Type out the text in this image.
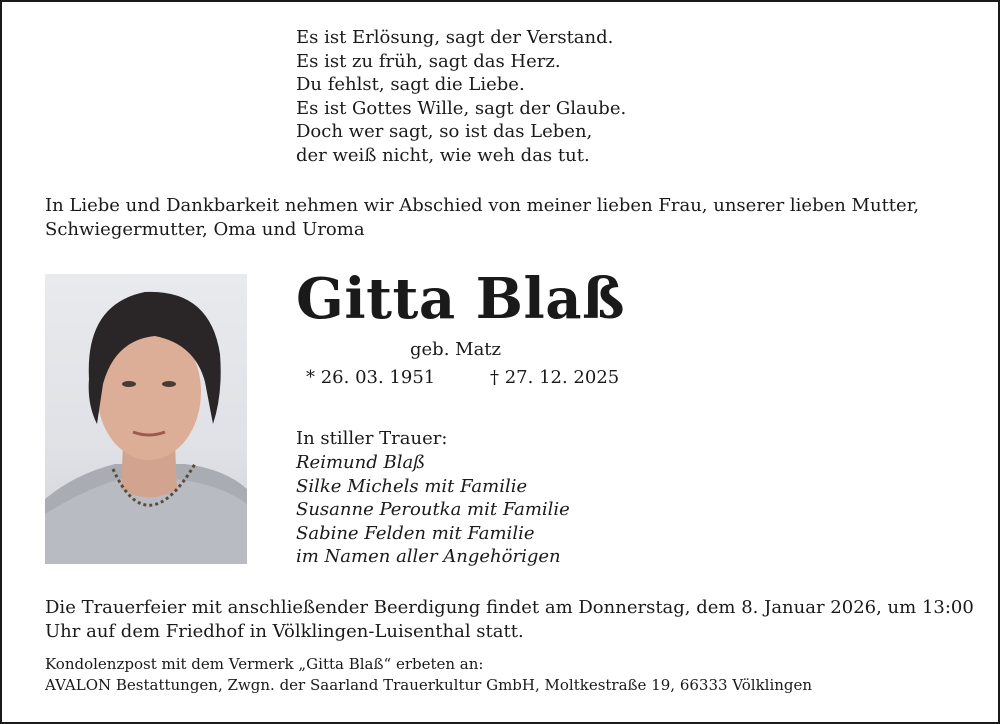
Es ist Erlösung, sagt der Verstand.
Es ist zu früh, sagt das Herz.
Du fehlst, sagt die Liebe.
Es ist Gottes Wille, sagt der Glaube.
Doch wer sagt, so ist das Leben,
der weiß nicht, wie weh das tut.
In Liebe und Dankbarkeit nehmen wir Abschied von meiner lieben Frau, unserer lieben Mutter, Schwiegermutter, Oma und Uroma
Gitta Blaß
geb. Matz
* 26. 03. 1951	† 27. 12. 2025
In stiller Trauer:
Reimund Blaß
Silke Michels mit Familie
Susanne Peroutka mit Familie
Sabine Felden mit Familie
im Namen aller Angehörigen
Die Trauerfeier mit anschließender Beerdigung findet am Donnerstag, dem 8. Januar 2026, um 13:00 Uhr auf dem Friedhof in Völklingen-Luisenthal statt.
Kondolenzpost mit dem Vermerk „Gitta Blaß“ erbeten an:
AVALON Bestattungen, Zwgn. der Saarland Trauerkultur GmbH, Moltkestraße 19, 66333 Völklingen
